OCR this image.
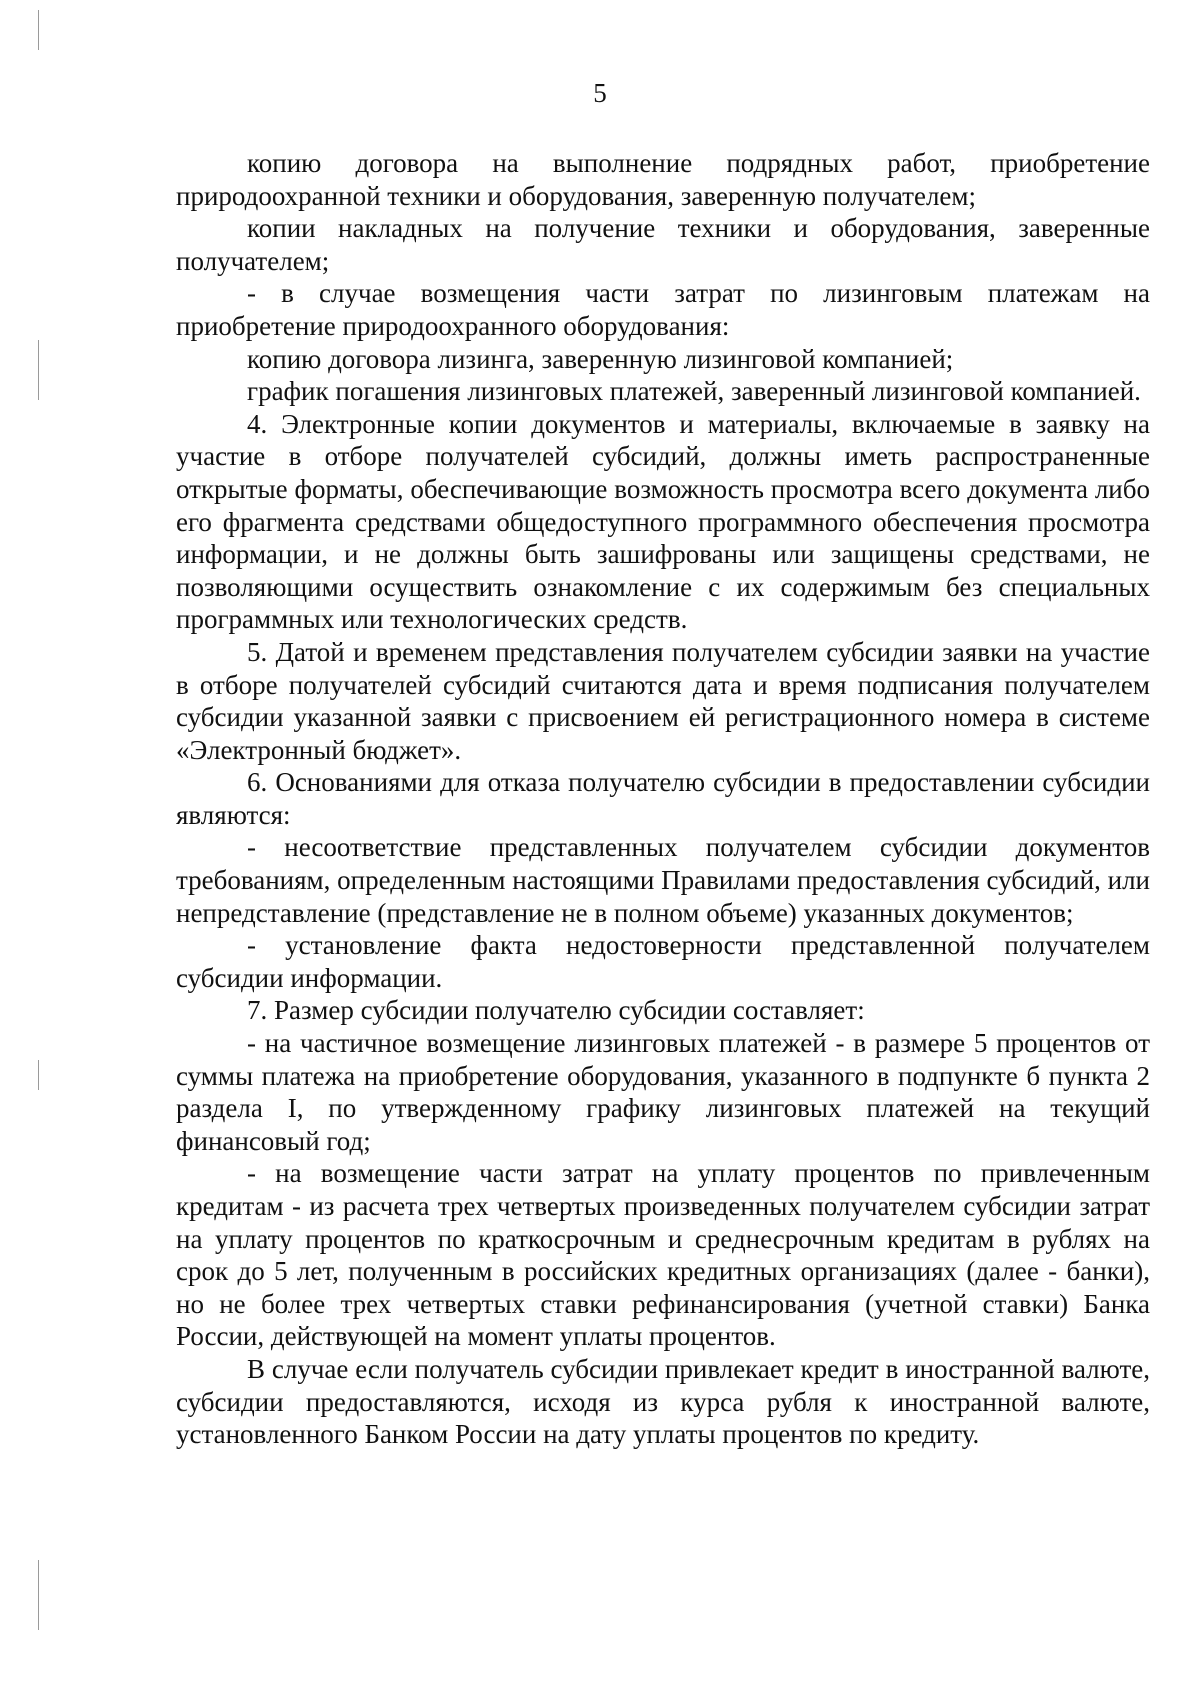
5

копию договора на выполнение подрядных работ, приобретение природоохранной техники и оборудования, заверенную получателем;

копии накладных на получение техники и оборудования, заверенные получателем;

- в случае возмещения части затрат по лизинговым платежам на приобретение природоохранного оборудования:

копию договора лизинга, заверенную лизинговой компанией;

график погашения лизинговых платежей, заверенный лизинговой компанией.

4. Электронные копии документов и материалы, включаемые в заявку на участие в отборе получателей субсидий, должны иметь распространенные открытые форматы, обеспечивающие возможность просмотра всего документа либо его фрагмента средствами общедоступного программного обеспечения просмотра информации, и не должны быть зашифрованы или защищены средствами, не позволяющими осуществить ознакомление с их содержимым без специальных программных или технологических средств.

5. Датой и временем представления получателем субсидии заявки на участие в отборе получателей субсидий считаются дата и время подписания получателем субсидии указанной заявки с присвоением ей регистрационного номера в системе «Электронный бюджет».

6. Основаниями для отказа получателю субсидии в предоставлении субсидии являются:

- несоответствие представленных получателем субсидии документов требованиям, определенным настоящими Правилами предоставления субсидий, или непредставление (представление не в полном объеме) указанных документов;

- установление факта недостоверности представленной получателем субсидии информации.

7. Размер субсидии получателю субсидии составляет:

- на частичное возмещение лизинговых платежей - в размере 5 процентов от суммы платежа на приобретение оборудования, указанного в подпункте б пункта 2 раздела I, по утвержденному графику лизинговых платежей на текущий финансовый год;

- на возмещение части затрат на уплату процентов по привлеченным кредитам - из расчета трех четвертых произведенных получателем субсидии затрат на уплату процентов по краткосрочным и среднесрочным кредитам в рублях на срок до 5 лет, полученным в российских кредитных организациях (далее - банки), но не более трех четвертых ставки рефинансирования (учетной ставки) Банка России, действующей на момент уплаты процентов.

В случае если получатель субсидии привлекает кредит в иностранной валюте, субсидии предоставляются, исходя из курса рубля к иностранной валюте, установленного Банком России на дату уплаты процентов по кредиту.
